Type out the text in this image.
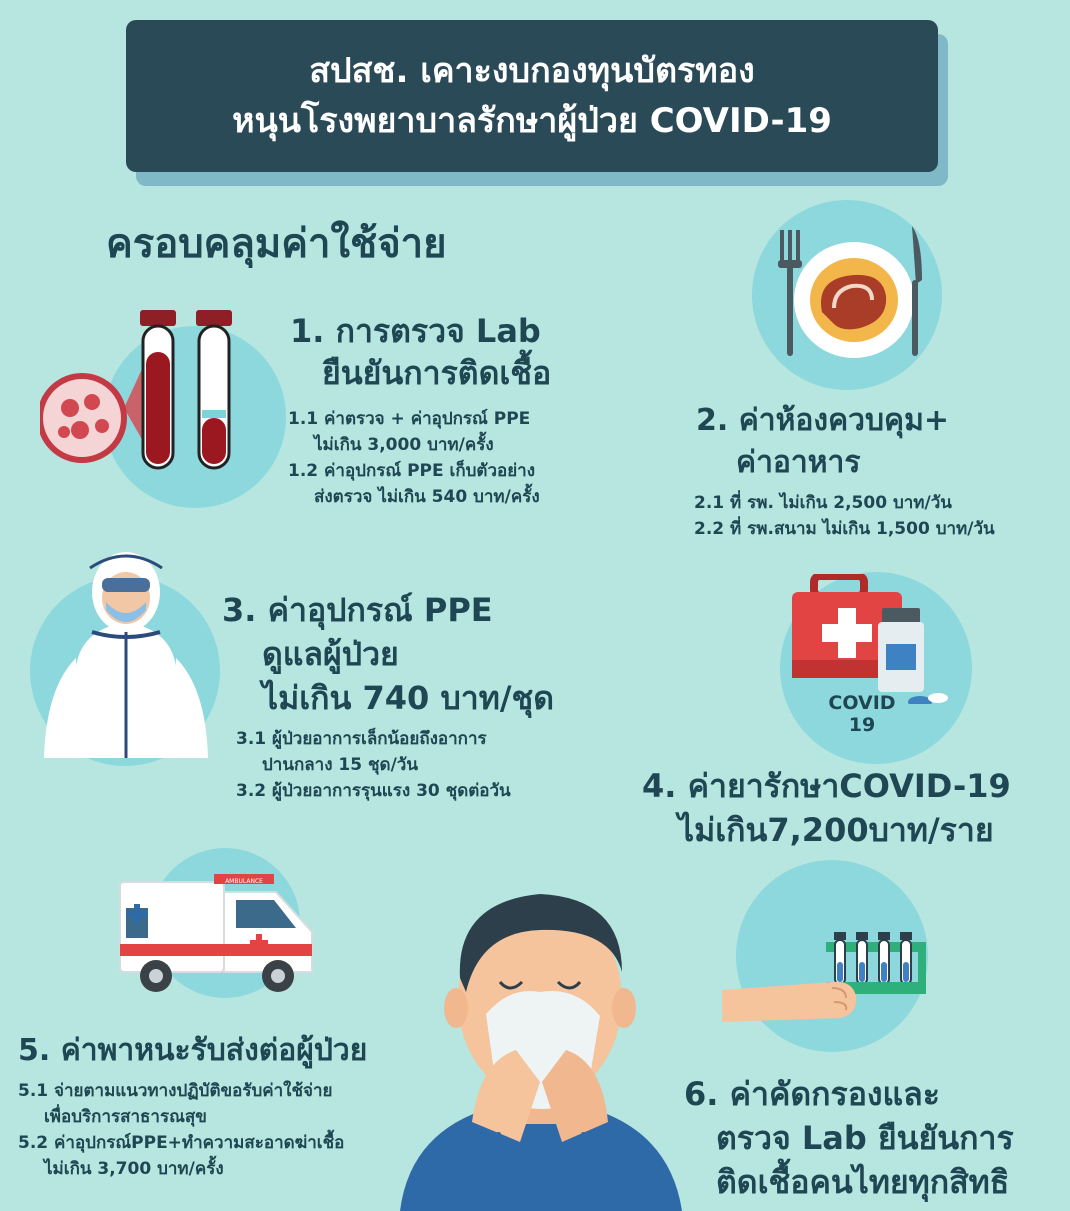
สปสช. เคาะงบกองทุนบัตรทอง
หนุนโรงพยาบาลรักษาผู้ป่วย COVID-19
ครอบคลุมค่าใช้จ่าย
1. การตรวจ Lab
ยืนยันการติดเชื้อ
1.1 ค่าตรวจ + ค่าอุปกรณ์ PPE
ไม่เกิน 3,000 บาท/ครั้ง
1.2 ค่าอุปกรณ์ PPE เก็บตัวอย่าง
ส่งตรวจ ไม่เกิน 540 บาท/ครั้ง
2. ค่าห้องควบคุม+
ค่าอาหาร
2.1 ที่ รพ. ไม่เกิน 2,500 บาท/วัน
2.2 ที่ รพ.สนาม ไม่เกิน 1,500 บาท/วัน
3. ค่าอุปกรณ์ PPE
ดูแลผู้ป่วย
ไม่เกิน 740 บาท/ชุด
3.1 ผู้ป่วยอาการเล็กน้อยถึงอาการ
ปานกลาง 15 ชุด/วัน
3.2 ผู้ป่วยอาการรุนแรง 30 ชุดต่อวัน
COVID
19
4. ค่ายารักษาCOVID-19
ไม่เกิน7,200บาท/ราย
AMBULANCE
5. ค่าพาหนะรับส่งต่อผู้ป่วย
5.1 จ่ายตามแนวทางปฏิบัติขอรับค่าใช้จ่าย
เพื่อบริการสาธารณสุข
5.2 ค่าอุปกรณ์PPE+ทำความสะอาดฆ่าเชื้อ
ไม่เกิน 3,700 บาท/ครั้ง
6. ค่าคัดกรองและ
ตรวจ Lab ยืนยันการ
ติดเชื้อคนไทยทุกสิทธิ
